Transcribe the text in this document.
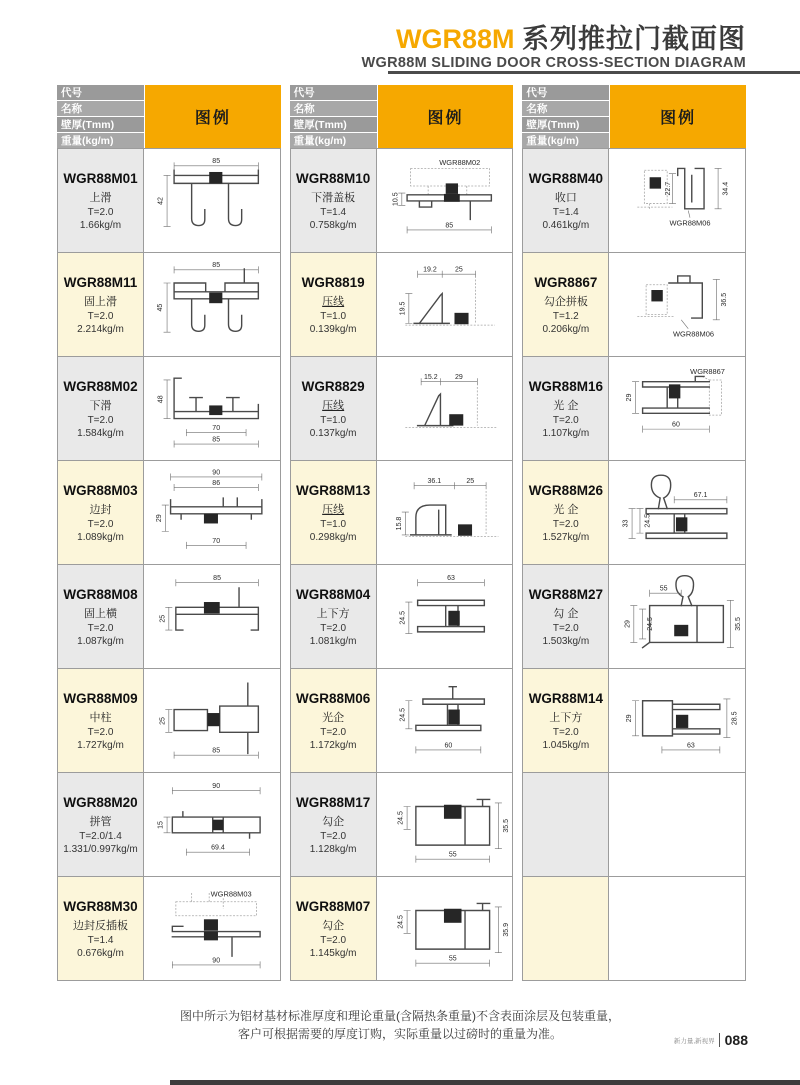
WGR88M 系列推拉门截面图
WGR88M SLIDING DOOR CROSS-SECTION DIAGRAM
代号
名称
壁厚(Tmm)
重量(kg/m)
图例
WGR88M01
上滑
T=2.0
1.66kg/m
85
42
WGR88M11
固上滑
T=2.0
2.214kg/m
85
45
WGR88M02
下滑
T=2.0
1.584kg/m
48
70
85
WGR88M03
边封
T=2.0
1.089kg/m
90
86
29
70
WGR88M08
固上横
T=2.0
1.087kg/m
85
25
WGR88M09
中柱
T=2.0
1.727kg/m
25
85
WGR88M20
拼管
T=2.0/1.4
1.331/0.997kg/m
90
15
69.4
WGR88M30
边封反插板
T=1.4
0.676kg/m
WGR88M03
90
代号
名称
壁厚(Tmm)
重量(kg/m)
图例
WGR88M10
下滑盖板
T=1.4
0.758kg/m
WGR88M02
10.5
85
WGR8819
压线
T=1.0
0.139kg/m
19.2 25
19.5
WGR8829
压线
T=1.0
0.137kg/m
15.2 29
WGR88M13
压线
T=1.0
0.298kg/m
36.1	25
15.8
WGR88M04
上下方
T=2.0
1.081kg/m
63
24.5
WGR88M06
光企
T=2.0
1.172kg/m
24.5
60
WGR88M17
勾企
T=2.0
1.128kg/m
24.5
35.5
55
WGR88M07
勾企
T=2.0
1.145kg/m
24.5
35.9
55
代号
名称
壁厚(Tmm)
重量(kg/m)
图例
WGR88M40
收口
T=1.4
0.461kg/m
22.7	34.4
WGR88M06
WGR8867
勾企拼板
T=1.2
0.206kg/m
36.5
WGR88M06
WGR88M16
光 企
T=2.0
1.107kg/m
WGR8867
29
60
WGR88M26
光 企
T=2.0
1.527kg/m
67.1
33 24.5
WGR88M27
勾 企
T=2.0
1.503kg/m
55
29 24.5	35.5
WGR88M14
上下方
T=2.0
1.045kg/m
29	28.5
63
图中所示为铝材基材标准厚度和理论重量(含隔热条重量)不含表面涂层及包装重量，
客户可根据需要的厚度订购，实际重量以过磅时的重量为准。	新力量,新视界 088
